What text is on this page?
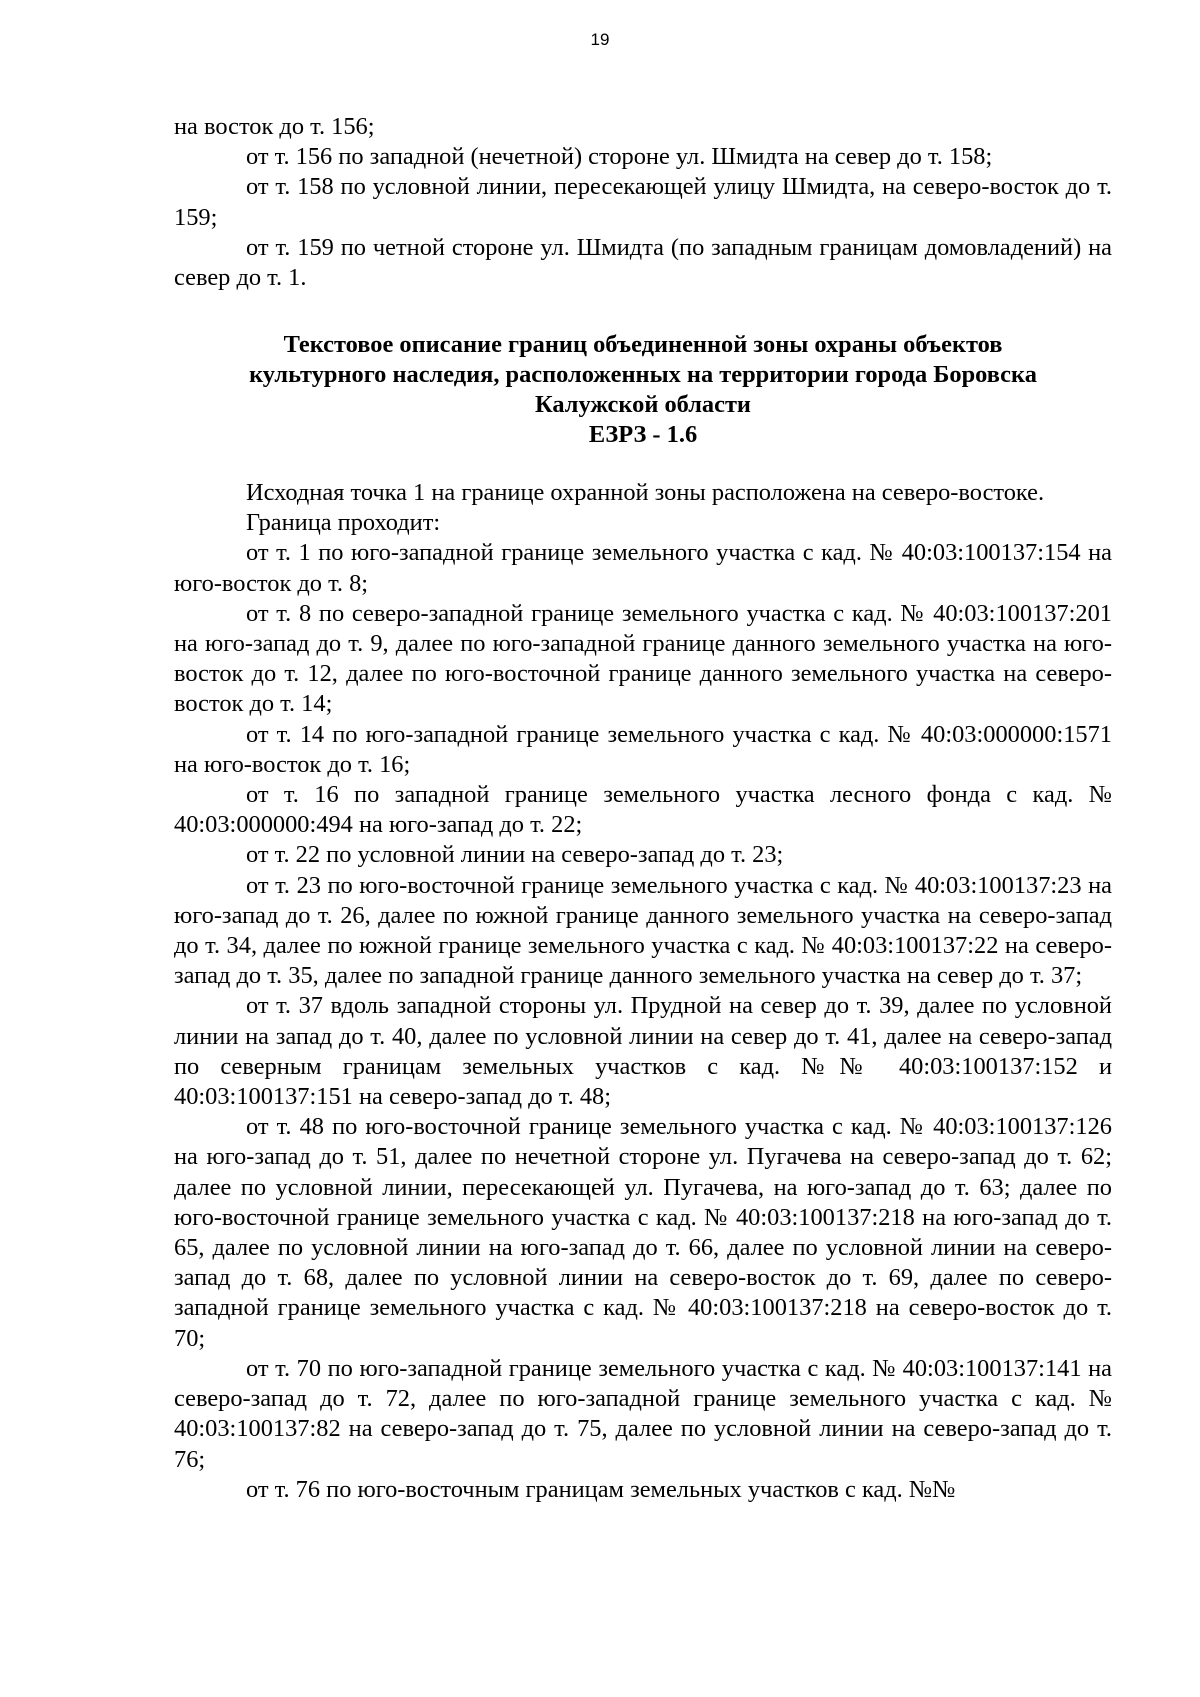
19

на восток до т. 156;

от т. 156 по западной (нечетной) стороне ул. Шмидта на север до т. 158;

от т. 158 по условной линии, пересекающей улицу Шмидта, на северо-восток до т. 159;

от т. 159 по четной стороне ул. Шмидта (по западным границам домовладений) на север до т. 1.

Текстовое описание границ объединенной зоны охраны объектов
культурного наследия, расположенных на территории города Боровска
Калужской области
ЕЗРЗ - 1.6

Исходная точка 1 на границе охранной зоны расположена на северо-востоке.

Граница проходит:

от т. 1 по юго-западной границе земельного участка с кад. № 40:03:100137:154 на юго-восток до т. 8;

от т. 8 по северо-западной границе земельного участка с кад. № 40:03:100137:201 на юго-запад до т. 9, далее по юго-западной границе данного земельного участка на юго-восток до т. 12, далее по юго-восточной границе данного земельного участка на северо-восток до т. 14;

от т. 14 по юго-западной границе земельного участка с кад. № 40:03:000000:1571 на юго-восток до т. 16;

от т. 16 по западной границе земельного участка лесного фонда с кад. № 40:03:000000:494 на юго-запад до т. 22;

от т. 22 по условной линии на северо-запад до т. 23;

от т. 23 по юго-восточной границе земельного участка с кад. № 40:03:100137:23 на юго-запад до т. 26, далее по южной границе данного земельного участка на северо-запад до т. 34, далее по южной границе земельного участка с кад. № 40:03:100137:22 на северо-запад до т. 35, далее по западной границе данного земельного участка на север до т. 37;

от т. 37 вдоль западной стороны ул. Прудной на север до т. 39, далее по условной линии на запад до т. 40, далее по условной линии на север до т. 41, далее на северо-запад по северным границам земельных участков с кад. №№ 40:03:100137:152 и 40:03:100137:151 на северо-запад до т. 48;

от т. 48 по юго-восточной границе земельного участка с кад. № 40:03:100137:126 на юго-запад до т. 51, далее по нечетной стороне ул. Пугачева на северо-запад до т. 62; далее по условной линии, пересекающей ул. Пугачева, на юго-запад до т. 63; далее по юго-восточной границе земельного участка с кад. № 40:03:100137:218 на юго-запад до т. 65, далее по условной линии на юго-запад до т. 66, далее по условной линии на северо-запад до т. 68, далее по условной линии на северо-восток до т. 69, далее по северо-западной границе земельного участка с кад. № 40:03:100137:218 на северо-восток до т. 70;

от т. 70 по юго-западной границе земельного участка с кад. № 40:03:100137:141 на северо-запад до т. 72, далее по юго-западной границе земельного участка с кад. № 40:03:100137:82 на северо-запад до т. 75, далее по условной линии на северо-запад до т. 76;

от т. 76 по юго-восточным границам земельных участков с кад. №№
